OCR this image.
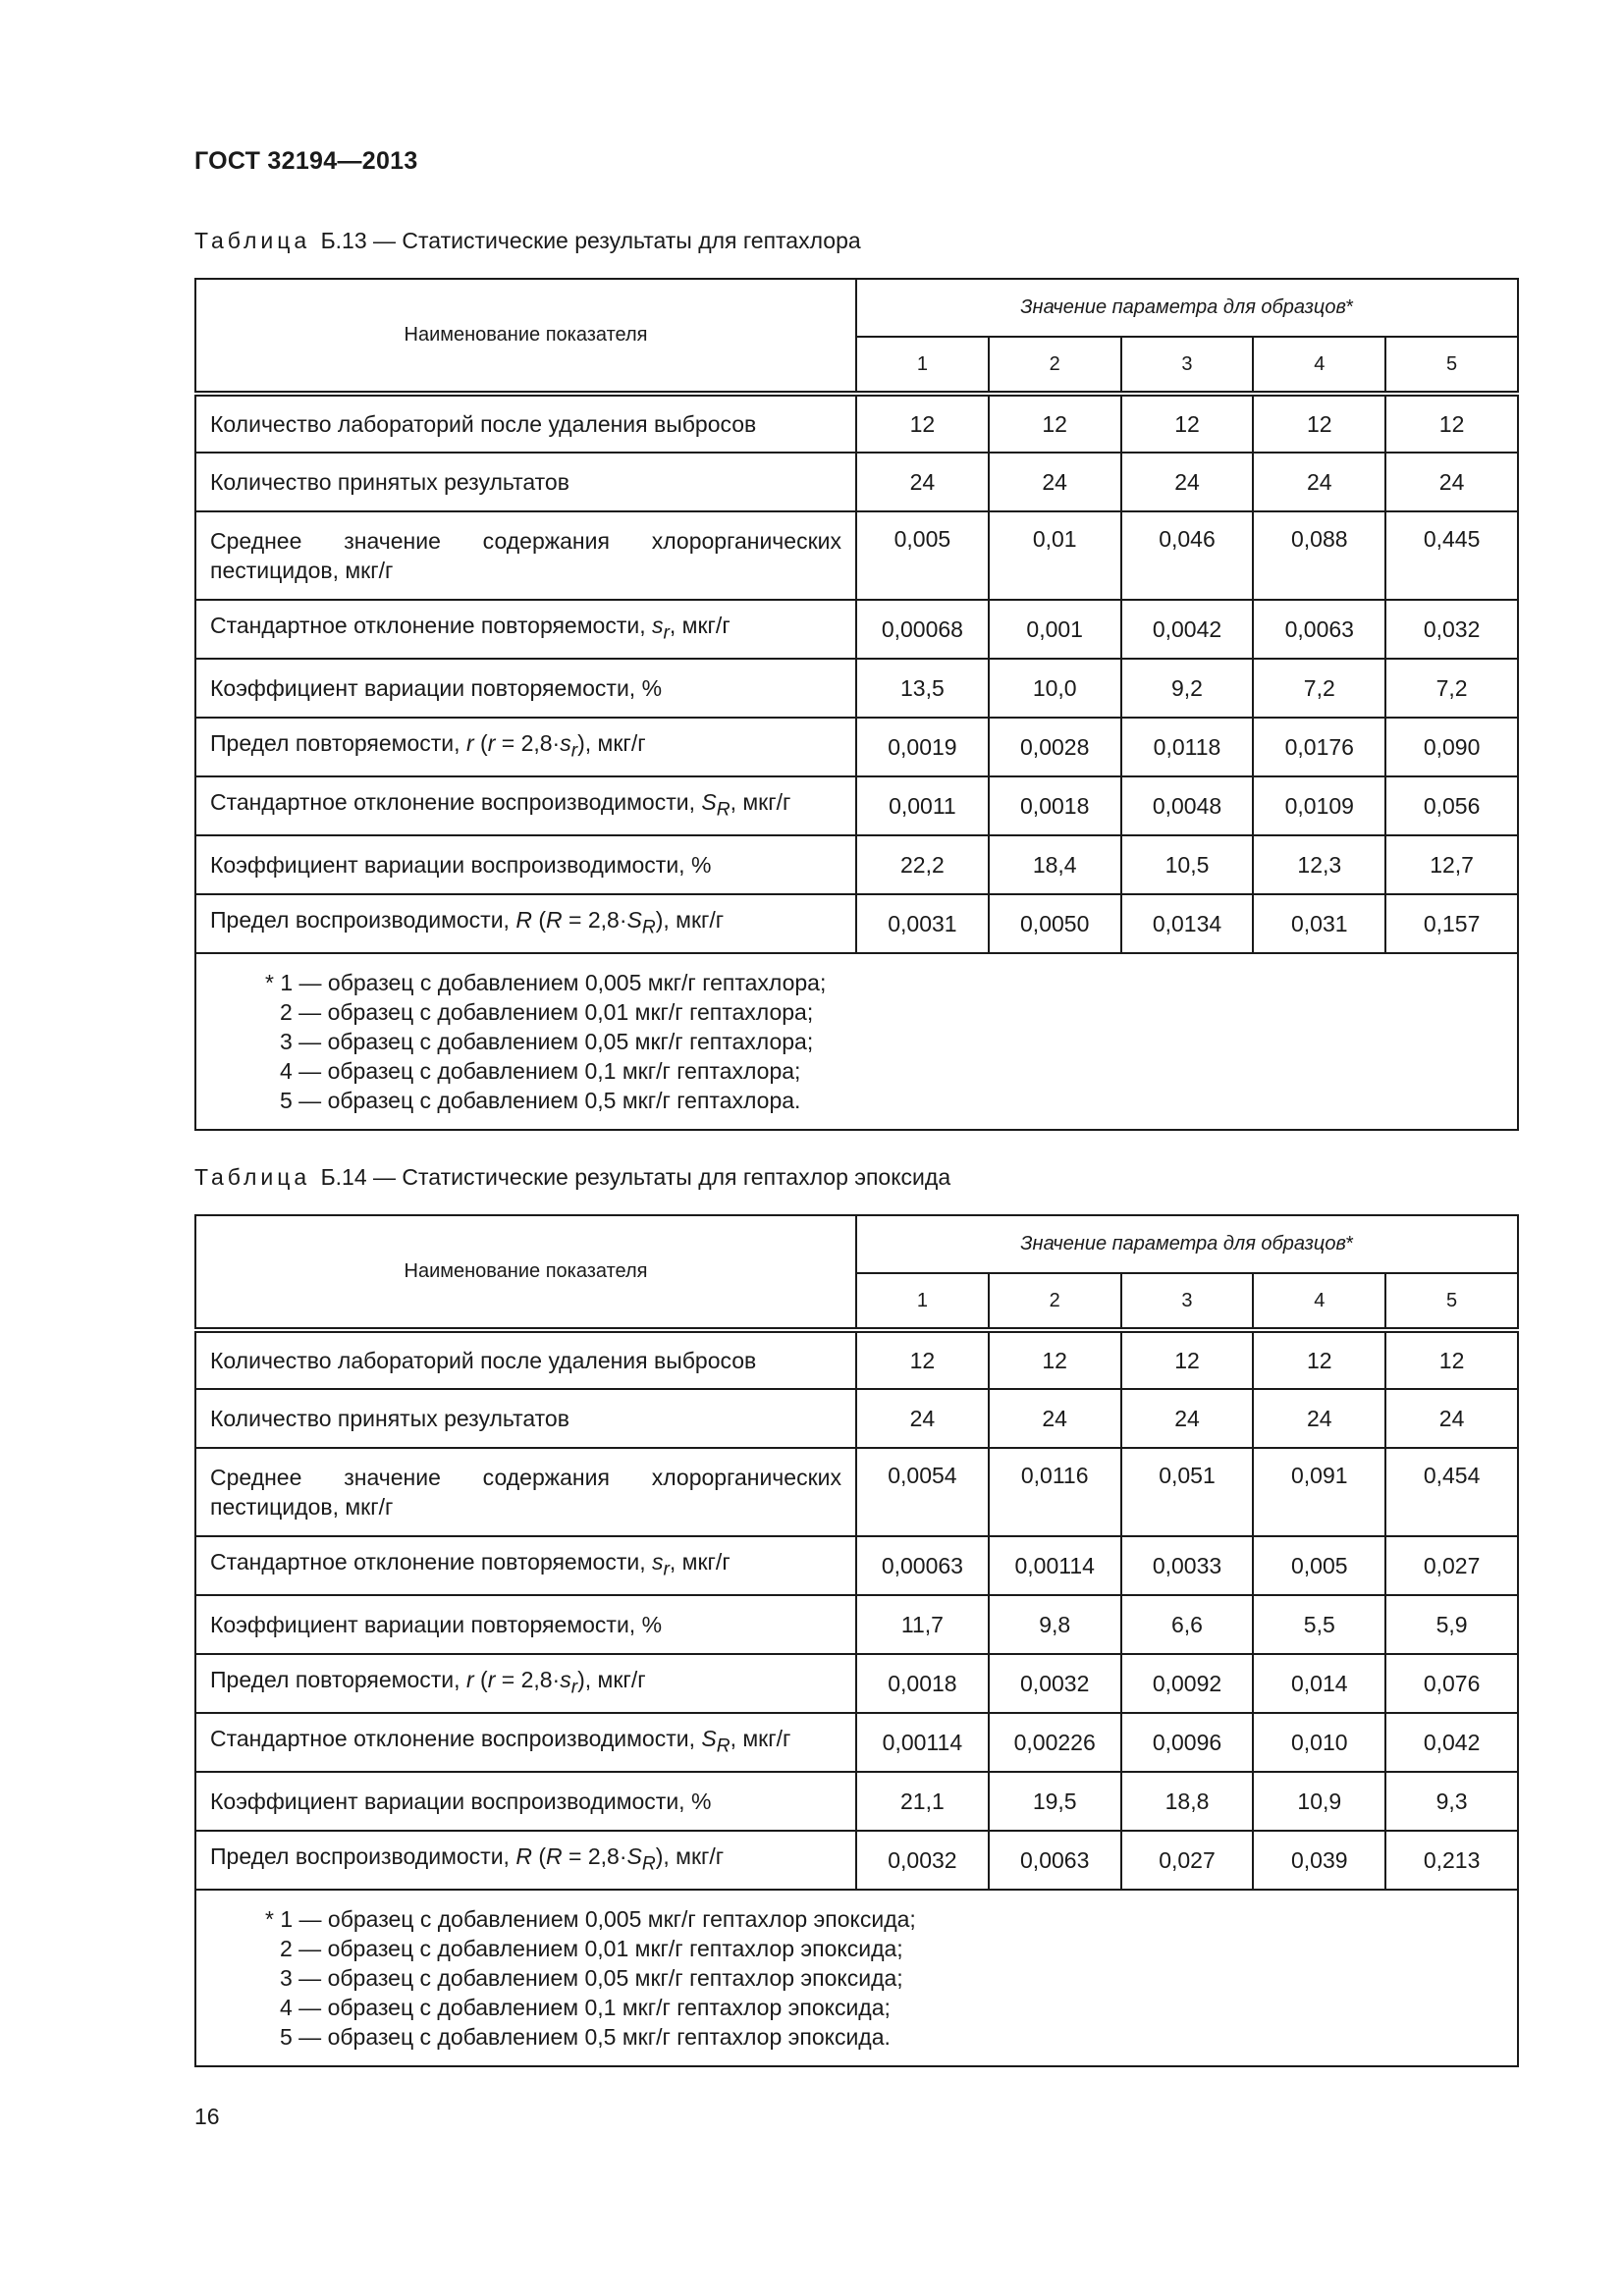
ГОСТ 32194—2013
Таблица Б.13 — Статистические результаты для гептахлора
Наименование показателя	Значение параметра для образцов*				
	1	2	3	4	5
Количество лабораторий после удаления выбросов	12	12	12	12	12
Количество принятых результатов	24	24	24	24	24
Среднее значение содержания хлорорганических пестицидов, мкг/г	0,005	0,01	0,046	0,088	0,445
Стандартное отклонение повторяемости, $s_r$, мкг/г	0,00068	0,001	0,0042	0,0063	0,032
Коэффициент вариации повторяемости, %	13,5	10,0	9,2	7,2	7,2
Предел повторяемости, r $(r = 2,8\cdot s_r)$, мкг/г	0,0019	0,0028	0,0118	0,0176	0,090
Стандартное отклонение воспроизводимости, $S_R$, мкг/г	0,0011	0,0018	0,0048	0,0109	0,056
Коэффициент вариации воспроизводимости, %	22,2	18,4	10,5	12,3	12,7
Предел воспроизводимости, R $(R = 2,8\cdot S_R)$, мкг/г	0,0031	0,0050	0,0134	0,031	0,157

* 1 — образец с добавлением 0,005 мкг/г гептахлора;
2 — образец с добавлением 0,01 мкг/г гептахлора;
3 — образец с добавлением 0,05 мкг/г гептахлора;
4 — образец с добавлением 0,1 мкг/г гептахлора;
5 — образец с добавлением 0,5 мкг/г гептахлора.					
Таблица Б.14 — Статистические результаты для гептахлор эпоксида
Наименование показателя	Значение параметра для образцов*				
	1	2	3	4	5
Количество лабораторий после удаления выбросов	12	12	12	12	12
Количество принятых результатов	24	24	24	24	24
Среднее значение содержания хлорорганических пестицидов, мкг/г	0,0054	0,0116	0,051	0,091	0,454
Стандартное отклонение повторяемости, $s_r$, мкг/г	0,00063	0,00114	0,0033	0,005	0,027
Коэффициент вариации повторяемости, %	11,7	9,8	6,6	5,5	5,9
Предел повторяемости, r $(r = 2,8\cdot s_r)$, мкг/г	0,0018	0,0032	0,0092	0,014	0,076
Стандартное отклонение воспроизводимости, $S_R$, мкг/г	0,00114	0,00226	0,0096	0,010	0,042
Коэффициент вариации воспроизводимости, %	21,1	19,5	18,8	10,9	9,3
Предел воспроизводимости, R $(R = 2,8\cdot S_R)$, мкг/г	0,0032	0,0063	0,027	0,039	0,213

* 1 — образец с добавлением 0,005 мкг/г гептахлор эпоксида;
2 — образец с добавлением 0,01 мкг/г гептахлор эпоксида;
3 — образец с добавлением 0,05 мкг/г гептахлор эпоксида;
4 — образец с добавлением 0,1 мкг/г гептахлор эпоксида;
5 — образец с добавлением 0,5 мкг/г гептахлор эпоксида.					
16
